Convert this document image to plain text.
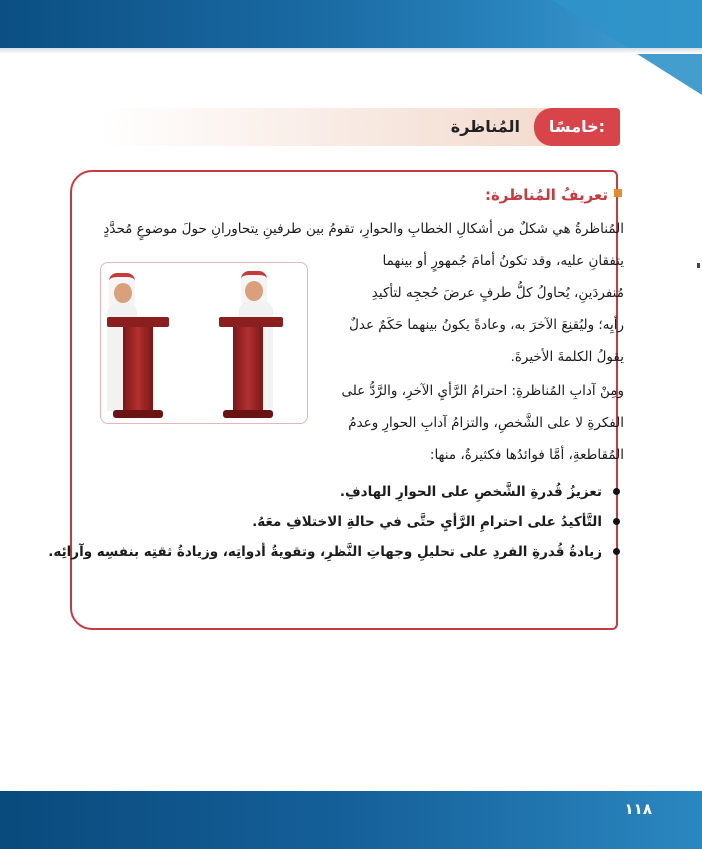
المُناظرة	خامسًا:
تعريفُ المُناظرة:
المُناظرةُ هي شكلٌ من أشكالِ الخطابِ والحوارِ، تقومُ بين طرفينِ يتحاورانِ حولَ موضوعٍ مُحدَّدٍ
يتفقانِ عليه، وقد تكونُ أمامَ جُمهورٍ أو بينهما
مُنفردَينِ، يُحاولُ كلُّ طرفٍ عرضَ حُججِه لتأكيدِ
رأيِه؛ وليُقنِعَ الآخرَ به، وعادةً يكونُ بينهما حَكَمٌ عدلٌ
يقولُ الكلمةَ الأخيرةَ.
ومِنْ آدابِ المُناظرةِ: احترامُ الرَّأيِ الآخرِ، والرَّدُّ على
الفكرةِ لا على الشَّخصِ، والتزامُ آدابِ الحوارِ وعدمُ
المُقاطعةِ، أمَّا فوائدُها فكثيرةٌ، منها:
تعزيزُ قُدرةِ الشَّخصِ على الحوارِ الهادفِ.
التَّأكيدُ على احترامِ الرَّأيِ حتَّى في حالةِ الاختلافِ معَهُ.
زيادةُ قُدرةِ الفردِ على تحليلِ وجهاتِ النَّظرِ، وتقويةُ أدواتِه، وزيادةُ ثقتِه بنفسِه وآرائِه.
١١٨
